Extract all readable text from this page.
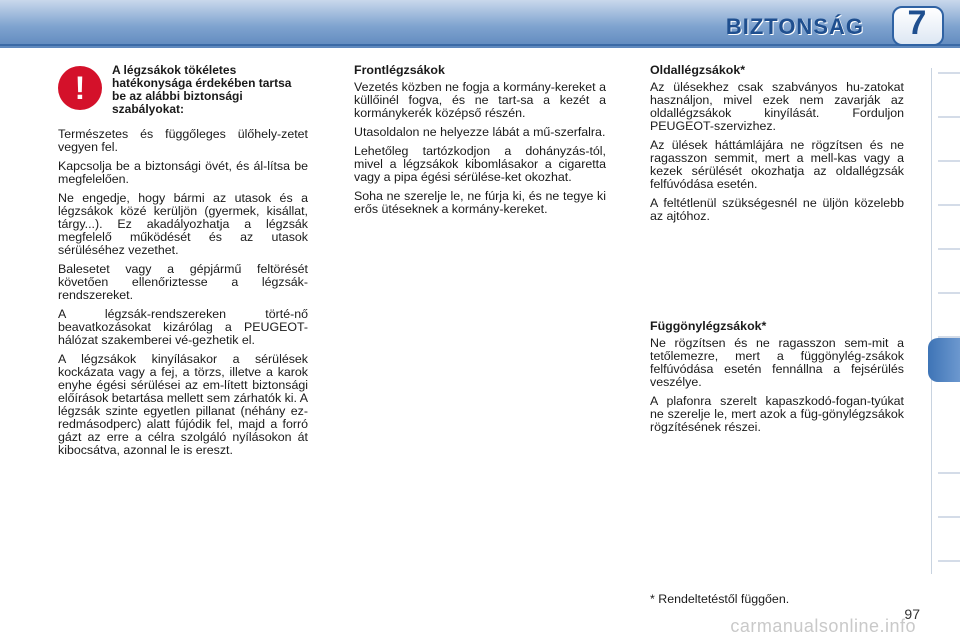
BIZTONSÁG 7
!	A légzsákok tökéletes hatékonysága érdekében tartsa be az alábbi biztonsági szabályokat:

Természetes és függőleges ülőhely-zetet vegyen fel.

Kapcsolja be a biztonsági övét, és ál-lítsa be megfelelően.

Ne engedje, hogy bármi az utasok és a légzsákok közé kerüljön (gyermek, kisállat, tárgy...). Ez akadályozhatja a légzsák megfelelő működését és az utasok sérüléséhez vezethet.

Balesetet vagy a gépjármű feltörését követően ellenőriztesse a légzsák-rendszereket.

A légzsák-rendszereken törté-nő beavatkozásokat kizárólag a PEUGEOT-hálózat szakemberei vé-gezhetik el.

A légzsákok kinyílásakor a sérülések kockázata vagy a fej, a törzs, illetve a karok enyhe égési sérülései az em-lített biztonsági előírások betartása mellett sem zárhatók ki. A légzsák szinte egyetlen pillanat (néhány ez-redmásodperc) alatt fújódik fel, majd a forró gázt az erre a célra szolgáló nyílásokon át kibocsátva, azonnal le is ereszt.

Frontlégzsákok

Vezetés közben ne fogja a kormány-kereket a küllőinél fogva, és ne tart-sa a kezét a kormánykerék középső részén.

Utasoldalon ne helyezze lábát a mű-szerfalra.

Lehetőleg tartózkodjon a dohányzás-tól, mivel a légzsákok kibomlásakor a cigaretta vagy a pipa égési sérülése-ket okozhat.

Soha ne szerelje le, ne fúrja ki, és ne tegye ki erős ütéseknek a kormány-kereket.

Oldallégzsákok*

Az ülésekhez csak szabványos hu-zatokat használjon, mivel ezek nem zavarják az oldallégzsákok kinyílását. Forduljon PEUGEOT-szervizhez.

Az ülések háttámlájára ne rögzítsen és ne ragasszon semmit, mert a mell-kas vagy a kezek sérülését okozhatja az oldallégzsák felfúvódása esetén.

A feltétlenül szükségesnél ne üljön közelebb az ajtóhoz.

Függönylégzsákok*

Ne rögzítsen és ne ragasszon sem-mit a tetőlemezre, mert a függönylég-zsákok felfúvódása esetén fennállna a fejsérülés veszélye.

A plafonra szerelt kapaszkodó-fogan-tyúkat ne szerelje le, mert azok a füg-gönylégzsákok rögzítésének részei.

* Rendeltetéstől függően.
97
carmanualsonline.info
